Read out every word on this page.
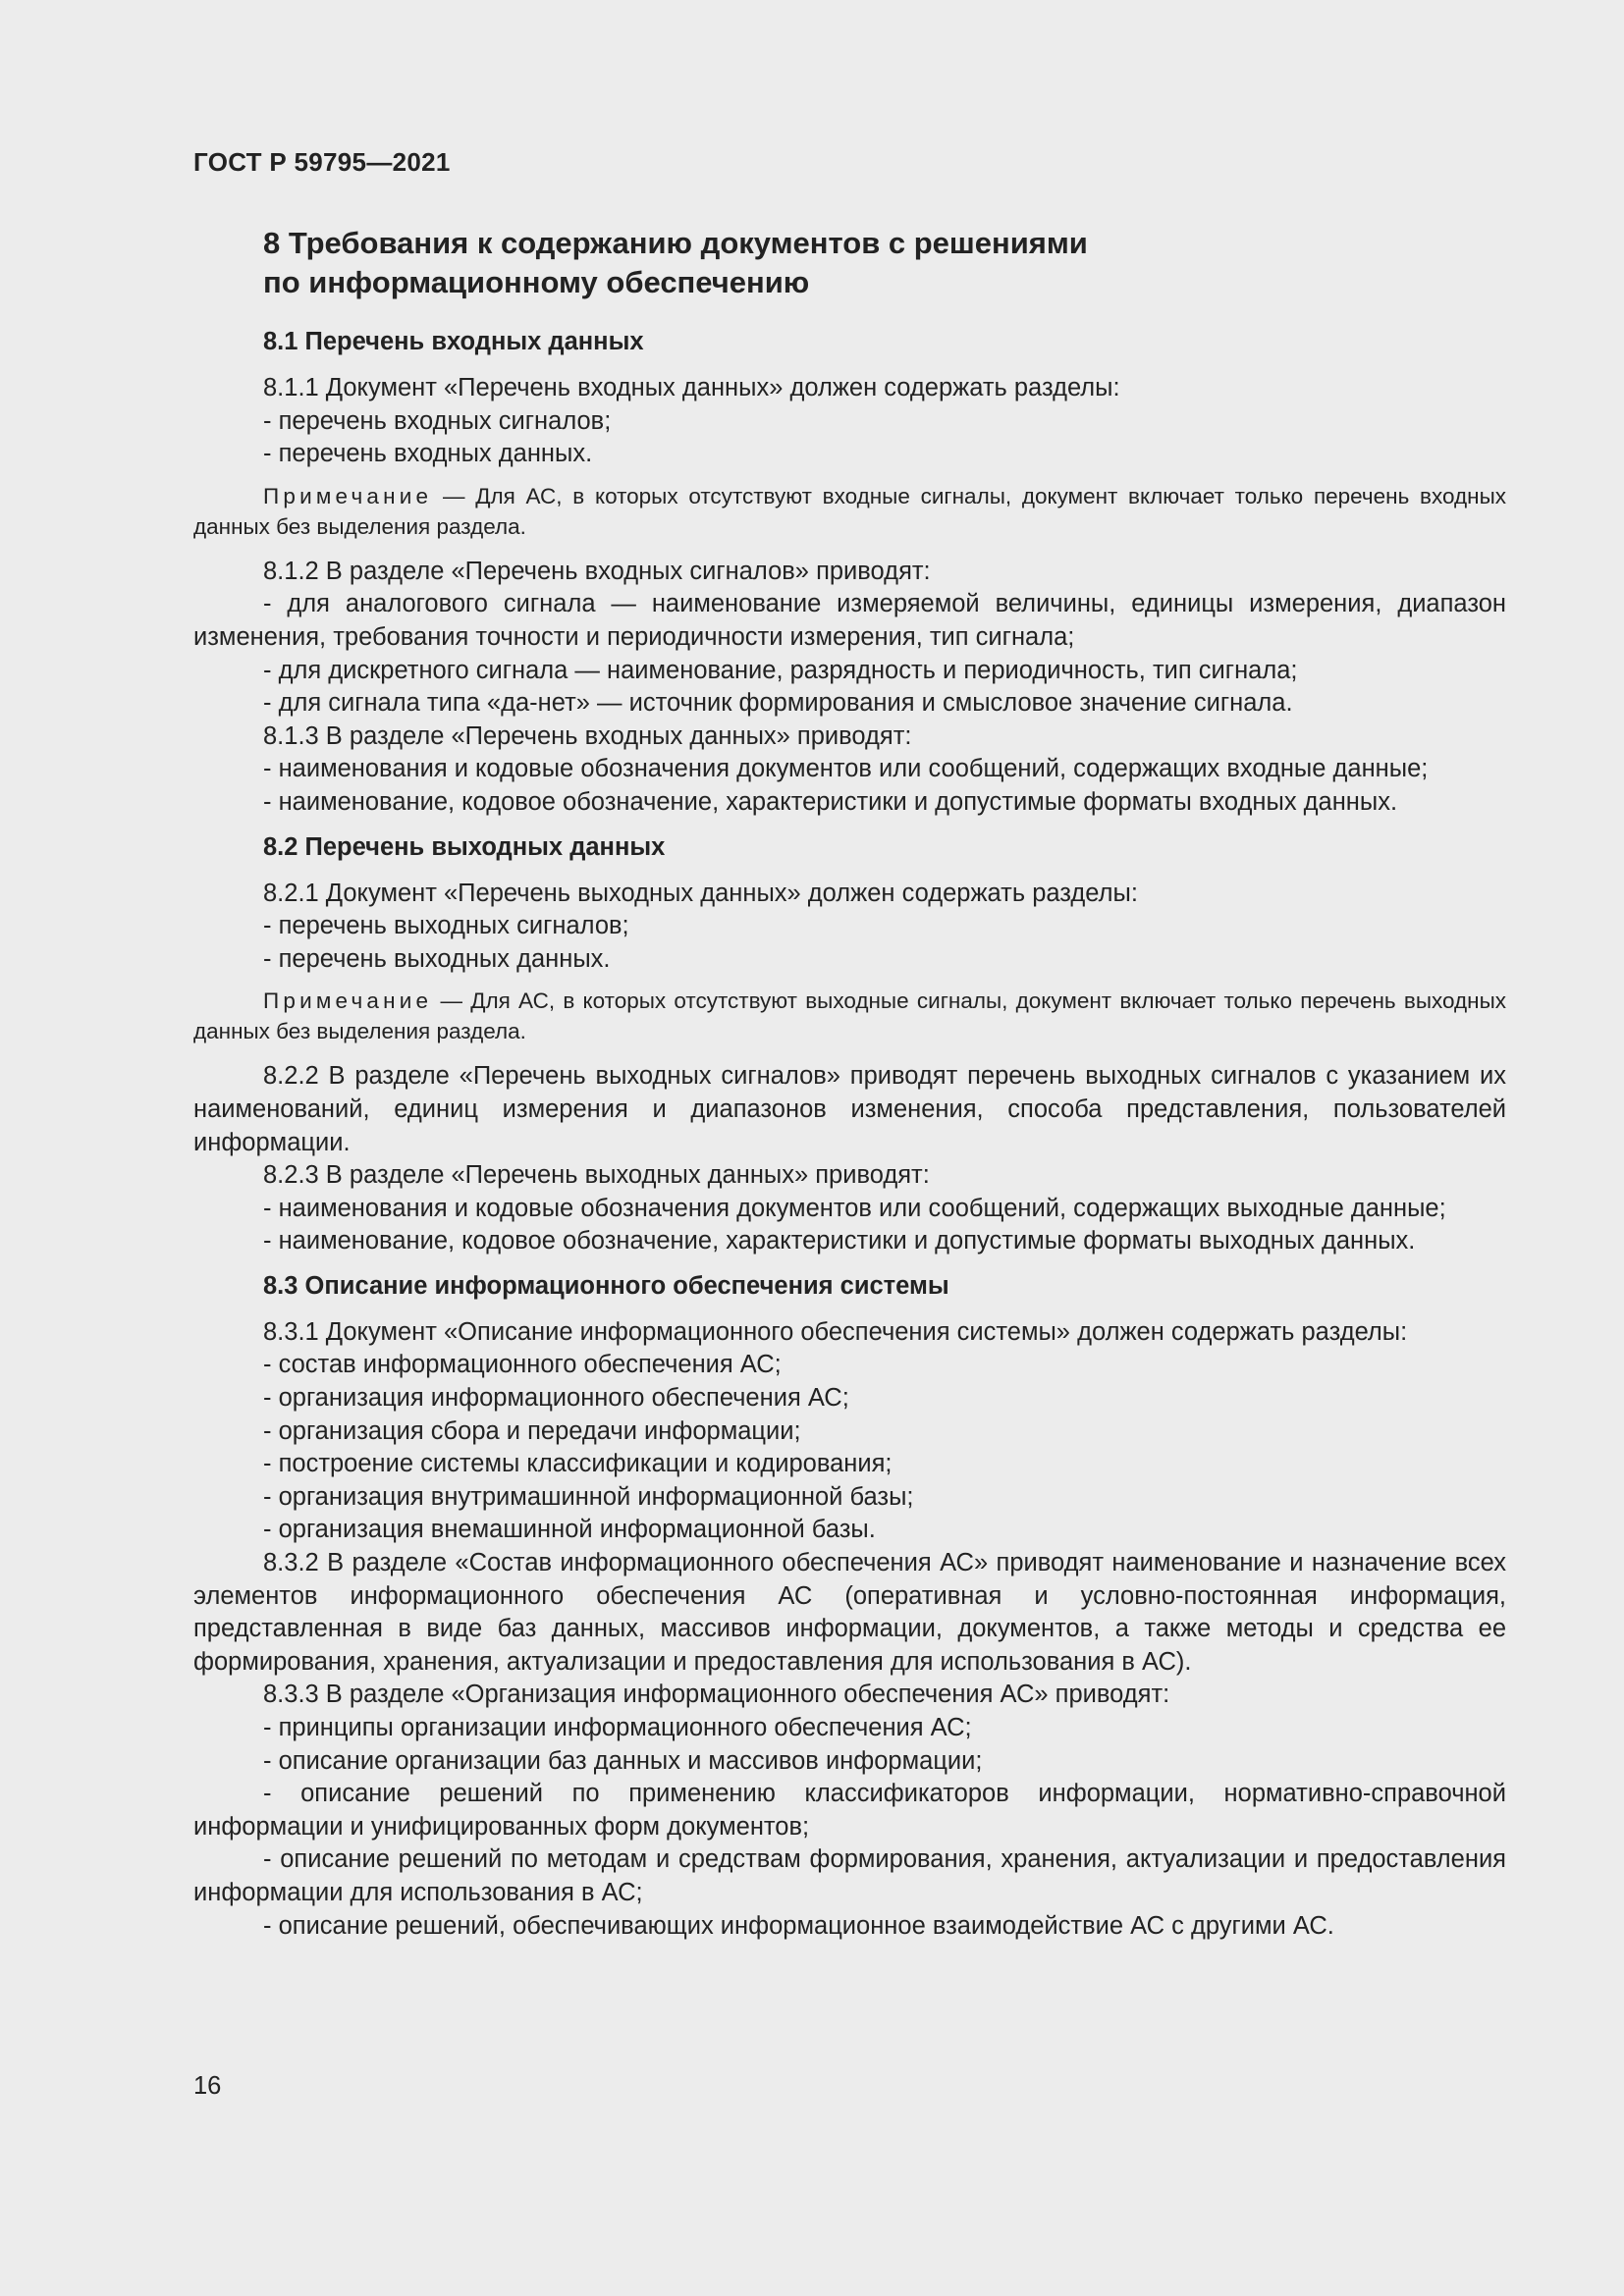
ГОСТ Р 59795—2021
8 Требования к содержанию документов с решениями
по информационному обеспечению
8.1 Перечень входных данных

8.1.1 Документ «Перечень входных данных» должен содержать разделы:

- перечень входных сигналов;

- перечень входных данных.

Примечание — Для АС, в которых отсутствуют входные сигналы, документ включает только перечень входных данных без выделения раздела.

8.1.2 В разделе «Перечень входных сигналов» приводят:

- для аналогового сигнала — наименование измеряемой величины, единицы измерения, диапазон изменения, требования точности и периодичности измерения, тип сигнала;

- для дискретного сигнала — наименование, разрядность и периодичность, тип сигнала;

- для сигнала типа «да-нет» — источник формирования и смысловое значение сигнала.

8.1.3 В разделе «Перечень входных данных» приводят:

- наименования и кодовые обозначения документов или сообщений, содержащих входные данные;

- наименование, кодовое обозначение, характеристики и допустимые форматы входных данных.

8.2 Перечень выходных данных

8.2.1 Документ «Перечень выходных данных» должен содержать разделы:

- перечень выходных сигналов;

- перечень выходных данных.

Примечание — Для АС, в которых отсутствуют выходные сигналы, документ включает только перечень выходных данных без выделения раздела.

8.2.2 В разделе «Перечень выходных сигналов» приводят перечень выходных сигналов с указанием их наименований, единиц измерения и диапазонов изменения, способа представления, пользователей информации.

8.2.3 В разделе «Перечень выходных данных» приводят:

- наименования и кодовые обозначения документов или сообщений, содержащих выходные данные;

- наименование, кодовое обозначение, характеристики и допустимые форматы выходных данных.

8.3 Описание информационного обеспечения системы

8.3.1 Документ «Описание информационного обеспечения системы» должен содержать разделы:

- состав информационного обеспечения АС;

- организация информационного обеспечения АС;

- организация сбора и передачи информации;

- построение системы классификации и кодирования;

- организация внутримашинной информационной базы;

- организация внемашинной информационной базы.

8.3.2 В разделе «Состав информационного обеспечения АС» приводят наименование и назначение всех элементов информационного обеспечения АС (оперативная и условно-постоянная информация, представленная в виде баз данных, массивов информации, документов, а также методы и средства ее формирования, хранения, актуализации и предоставления для использования в АС).

8.3.3 В разделе «Организация информационного обеспечения АС» приводят:

- принципы организации информационного обеспечения АС;

- описание организации баз данных и массивов информации;

- описание решений по применению классификаторов информации, нормативно-справочной информации и унифицированных форм документов;

- описание решений по методам и средствам формирования, хранения, актуализации и предоставления информации для использования в АС;

- описание решений, обеспечивающих информационное взаимодействие АС с другими АС.

16
